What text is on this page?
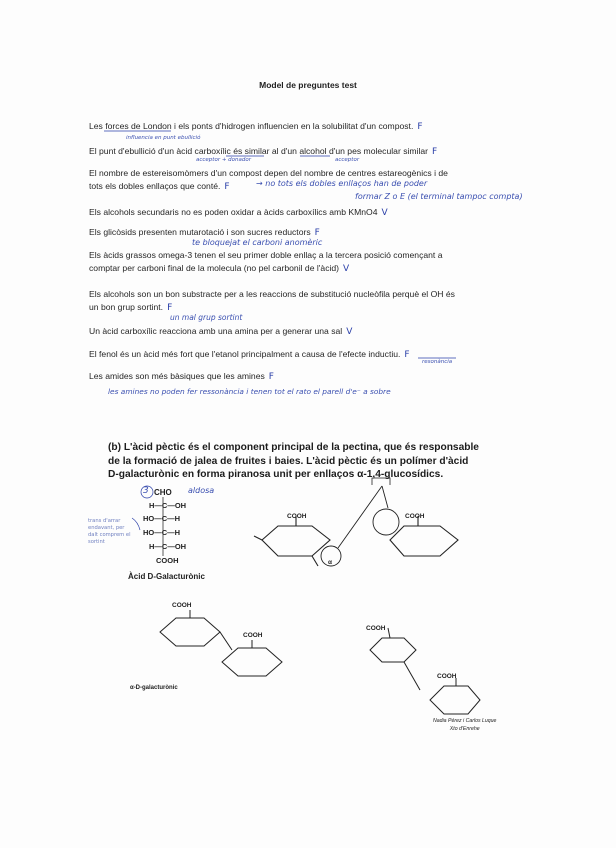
Model de preguntes test
Les forces de London i els ponts d'hidrogen influencien en la solubilitat d'un compost. F
influencia en punt ebullició
El punt d'ebullició d'un àcid carboxílic és similar al d'un alcohol d'un pes molecular similar F
acceptor + donador	acceptor
El nombre de estereisomòmers d'un compost depen del nombre de centres estareogènics i de
tots els dobles enllaços que conté. F	→ no tots els dobles enllaços han de poder
formar Z o E (el terminal tampoc compta)
Els alcohols secundaris no es poden oxidar a àcids carboxílics amb KMnO4 V
Els glicòsids presenten mutarotació i son sucres reductors F
te bloquejat el carboni anomèric
Els àcids grassos omega-3 tenen el seu primer doble enllaç a la tercera posició començant a
comptar per carboni final de la molecula (no pel carbonil de l'àcid) V
Els alcohols son un bon substracte per a les reaccions de substitució nucleòfila perquè el OH és
un bon grup sortint. F
un mal grup sortint
Un àcid carboxílic reacciona amb una amina per a generar una sal V
El fenol és un àcid més fort que l'etanol principalment a causa de l'efecte inductiu. F
resonància
Les amides son més bàsiques que les amines F
les amines no poden fer ressonància i tenen tot el rato el parell d'e⁻ a sobre
(b) L'àcid pèctic és el component principal de la pectina, que és responsable
de la formació de jalea de fruites i baies. L'àcid pèctic és un polímer d'àcid
D-galacturònic en forma piranosa unit per enllaços α-1,4-glucosídics.
3 CHO aldosa
H—C—OH
HO—C—H
HO—C—H
H—C—OH
COOH
Àcid D-Galacturònic
trans d'arrar
endavant, per
dalt comprem el
sortint
COOH	COOH
α
COOH
COOH
α-D-galacturònic
COOH
COOH
Nadia Pérez i Carlos Luque
Xto d'Enrehe
